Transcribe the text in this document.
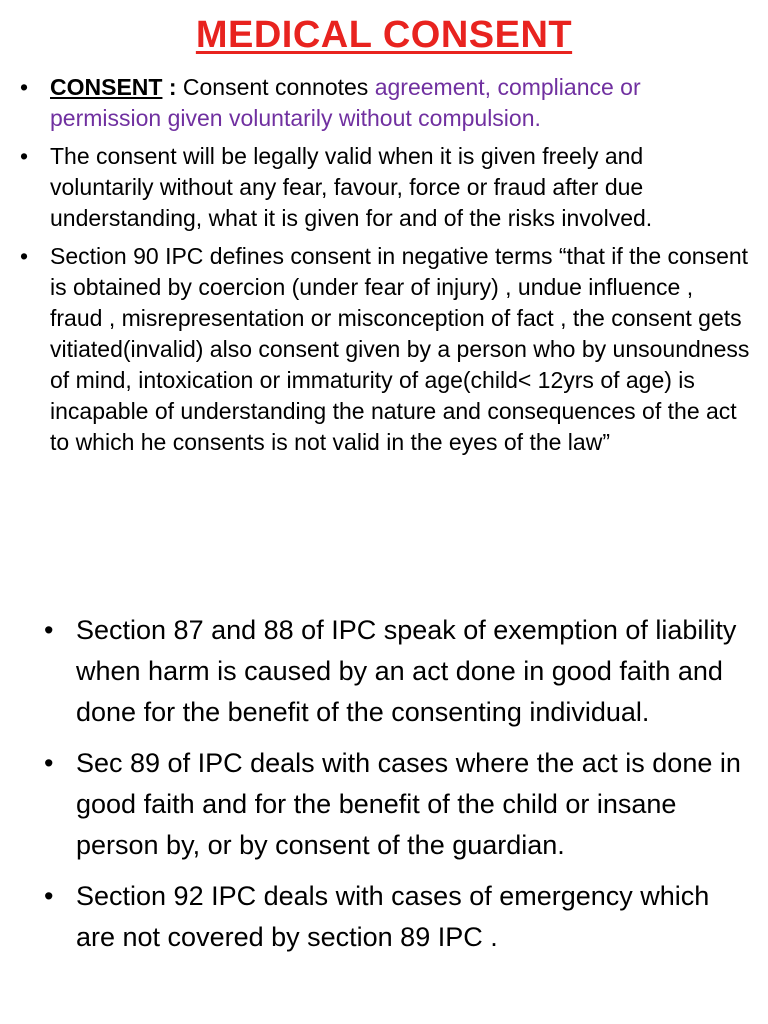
MEDICAL CONSENT
• CONSENT : Consent connotes agreement, compliance or permission given voluntarily without compulsion.
• The consent will be legally valid when it is given freely and voluntarily without any fear, favour, force or fraud after due understanding, what it is given for and of the risks involved.
• Section 90 IPC defines consent in negative terms “that if the consent is obtained by coercion (under fear of injury) , undue influence , fraud , misrepresentation or misconception of fact , the consent gets vitiated(invalid) also consent given by a person who by unsoundness of mind, intoxication or immaturity of age(child< 12yrs of age) is incapable of understanding the nature and consequences of the act to which he consents is not valid in the eyes of the law”
• Section 87 and 88 of IPC speak of exemption of liability when harm is caused by an act done in good faith and done for the benefit of the consenting individual.
• Sec 89 of IPC deals with cases where the act is done in good faith and for the benefit of the child or insane person by, or by consent of the guardian.
• Section 92 IPC deals with cases of emergency which are not covered by section 89 IPC .
